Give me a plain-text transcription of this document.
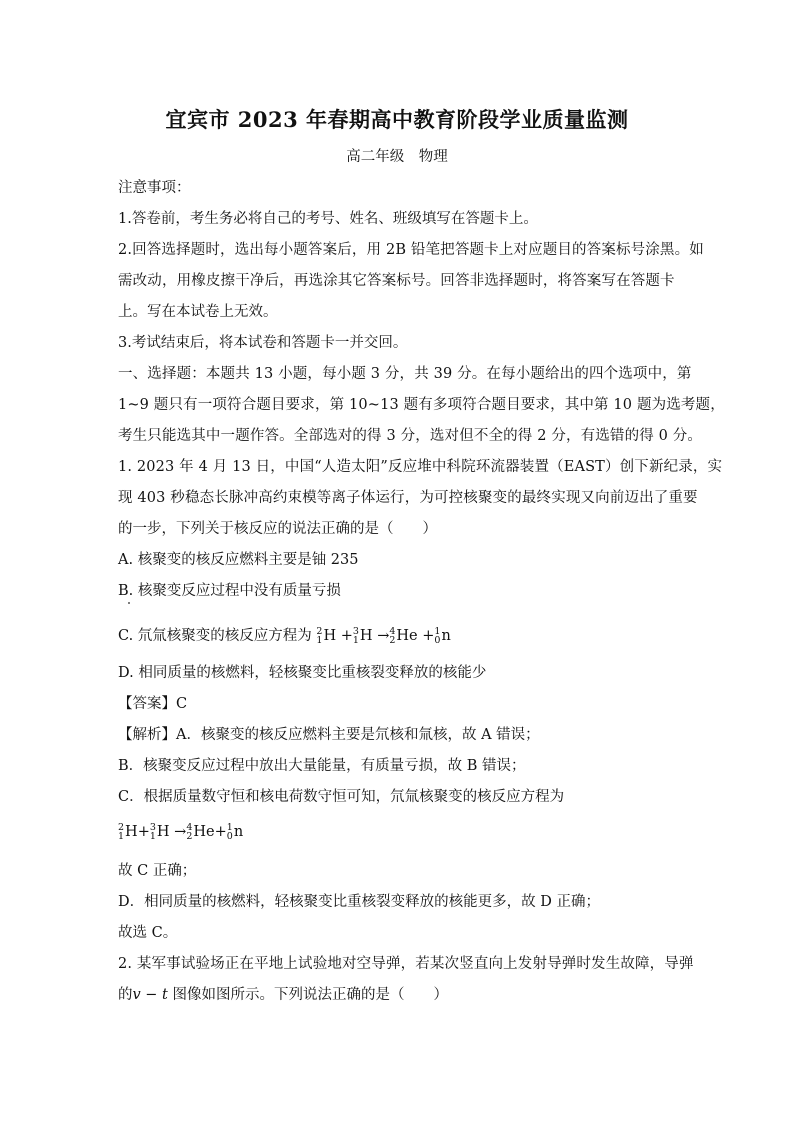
宜宾市 2023 年春期高中教育阶段学业质量监测
高二年级　物理
注意事项：
1.答卷前，考生务必将自己的考号、姓名、班级填写在答题卡上。
2.回答选择题时，选出每小题答案后，用 2B 铅笔把答题卡上对应题目的答案标号涂黑。如
需改动，用橡皮擦干净后，再选涂其它答案标号。回答非选择题时，将答案写在答题卡
上。写在本试卷上无效。
3.考试结束后，将本试卷和答题卡一并交回。
一、选择题：本题共 13 小题，每小题 3 分，共 39 分。在每小题给出的四个选项中，第
1~9 题只有一项符合题目要求，第 10~13 题有多项符合题目要求，其中第 10 题为选考题，
考生只能选其中一题作答。全部选对的得 3 分，选对但不全的得 2 分，有选错的得 0 分。
1. 2023 年 4 月 13 日，中国“人造太阳”反应堆中科院环流器装置（EAST）创下新纪录，实
现 403 秒稳态长脉冲高约束模等离子体运行，为可控核聚变的最终实现又向前迈出了重要
的一步，下列关于核反应的说法正确的是（　　）
A. 核聚变的核反应燃料主要是铀 235
B. 核聚变反应过程中没有质量亏损
C. 氘氚核聚变的核反应方程为 2
1 H + 3
1 H → 4
2 He + 1
0 n
D. 相同质量的核燃料，轻核聚变比重核裂变释放的核能少
【答案】C
【解析】A．核聚变的核反应燃料主要是氘核和氚核，故 A 错误；
B．核聚变反应过程中放出大量能量，有质量亏损，故 B 错误；
C．根据质量数守恒和核电荷数守恒可知，氘氚核聚变的核反应方程为
2
1 H+ 3
1 H → 4
2 He+ 1
0 n
故 C 正确；
D．相同质量的核燃料，轻核聚变比重核裂变释放的核能更多，故 D 正确；
故选 C。
2. 某军事试验场正在平地上试验地对空导弹，若某次竖直向上发射导弹时发生故障，导弹
的v − t 图像如图所示。下列说法正确的是（　　）
